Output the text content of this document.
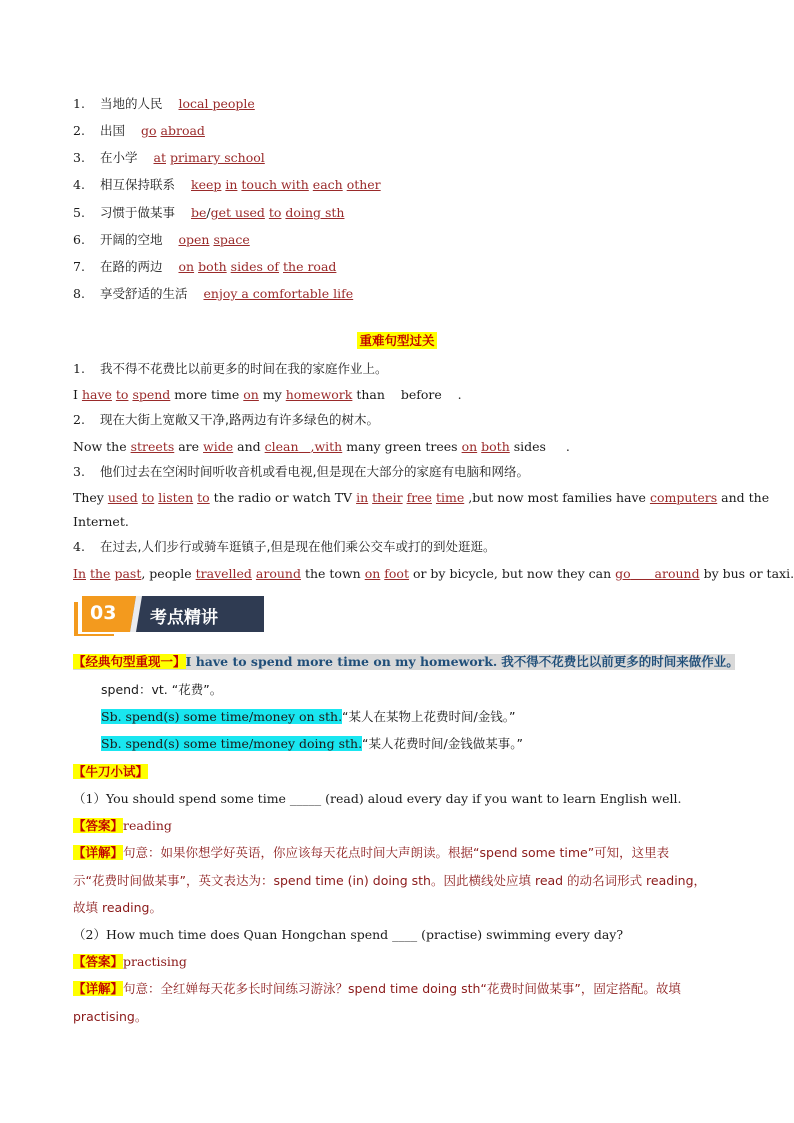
1. 当地的人民 local people
2. 出国 go abroad
3. 在小学 at primary school
4. 相互保持联系 keep in touch with each other
5. 习惯于做某事 be/get used to doing sth
6. 开阔的空地 open space
7. 在路的两边 on both sides of the road
8. 享受舒适的生活 enjoy a comfortable life
重难句型过关
1. 我不得不花费比以前更多的时间在我的家庭作业上。
I have to spend more time on my homework than before .
2. 现在大街上宽敞又干净,路两边有许多绿色的树木。
Now the streets are wide and clean ,with many green trees on both sides .
3. 他们过去在空闲时间听收音机或看电视,但是现在大部分的家庭有电脑和网络。
They used to listen to the radio or watch TV in their free time ,but now most families have computers and the
Internet.
4. 在过去,人们步行或骑车逛镇子,但是现在他们乘公交车或打的到处逛逛。
In the past, people travelled around the town on foot or by bicycle, but now they can go around by bus or taxi.
03 考点精讲
【经典句型重现一】I have to spend more time on my homework. 我不得不花费比以前更多的时间来做作业。
spend：vt. “花费”。
Sb. spend(s) some time/money on sth.“某人在某物上花费时间/金钱。”
Sb. spend(s) some time/money doing sth.“某人花费时间/金钱做某事。”
【牛刀小试】
（1）You should spend some time _____ (read) aloud every day if you want to learn English well.
【答案】reading
【详解】句意：如果你想学好英语，你应该每天花点时间大声朗读。根据“spend some time”可知，这里表
示“花费时间做某事”，英文表达为：spend time (in) doing sth。因此横线处应填 read 的动名词形式 reading，
故填 reading。
（2）How much time does Quan Hongchan spend ____ (practise) swimming every day?
【答案】practising
【详解】句意：全红婵每天花多长时间练习游泳？spend time doing sth“花费时间做某事”，固定搭配。故填
practising。
